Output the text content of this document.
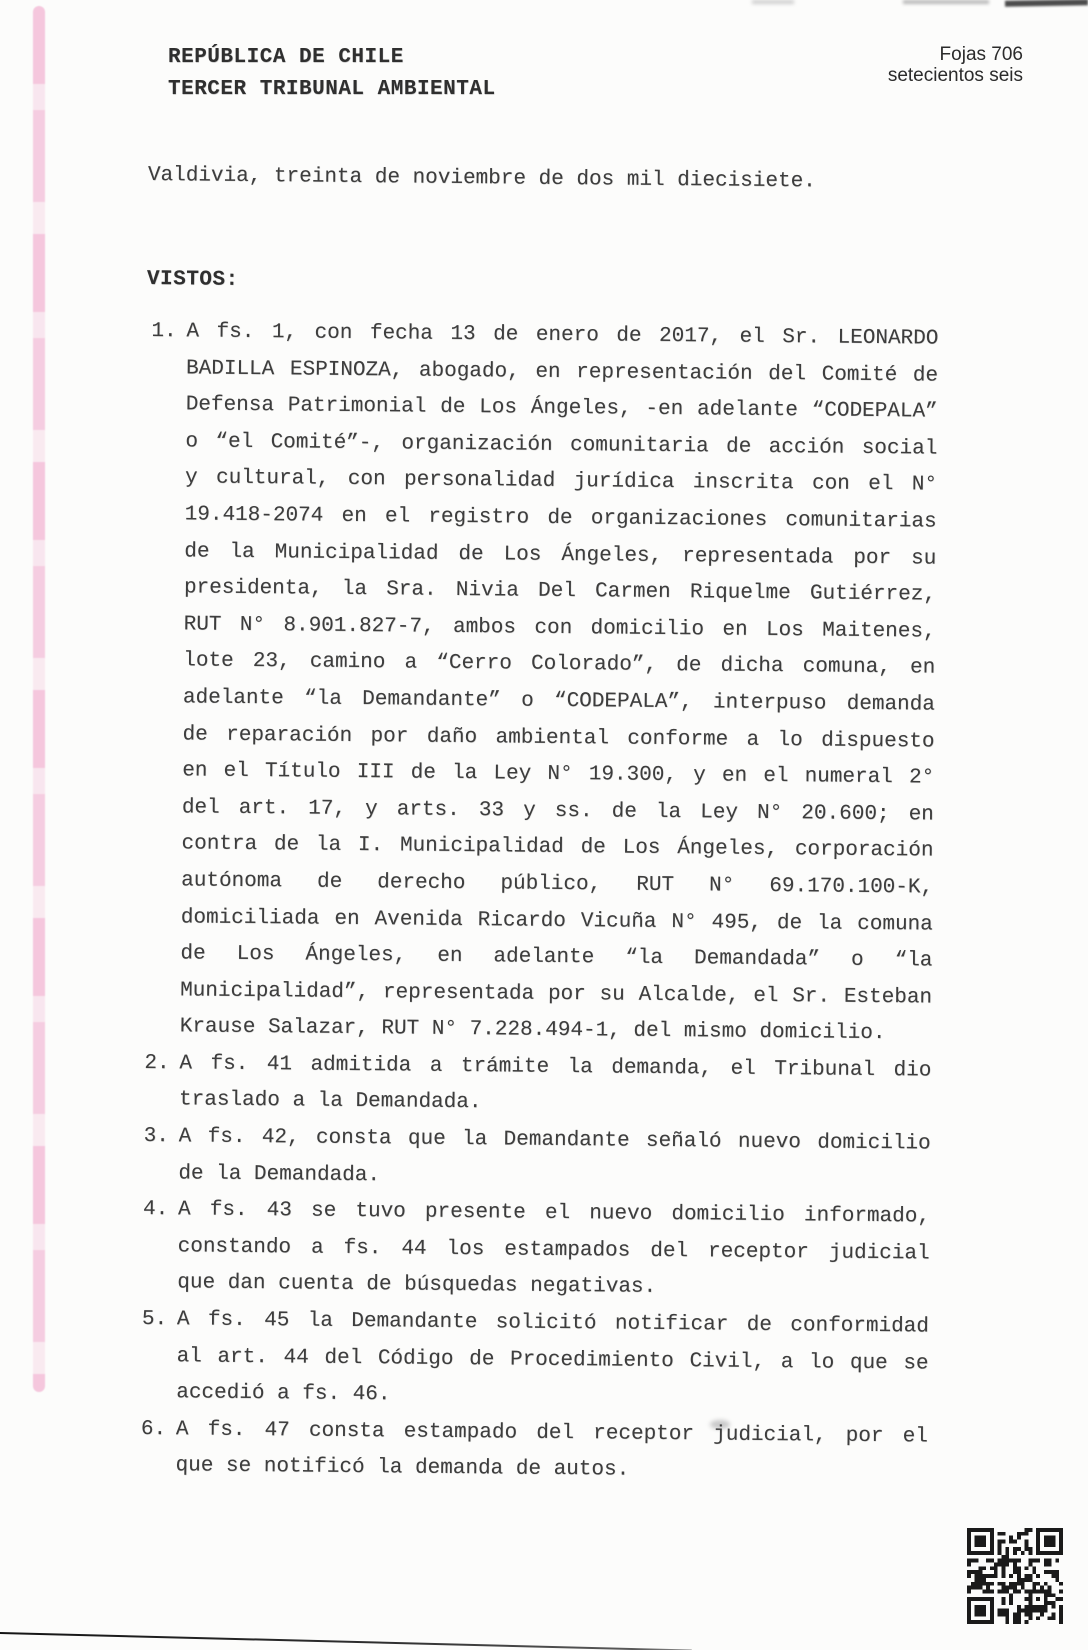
REPÚBLICA DE CHILE
TERCER TRIBUNAL AMBIENTAL
Fojas 706
setecientos seis
Valdivia, treinta de noviembre de dos mil diecisiete.
VISTOS:
1. A fs. 1, con fecha 13 de enero de 2017, el Sr. LEONARDO
BADILLA ESPINOZA, abogado, en representación del Comité de
Defensa Patrimonial de Los Ángeles, -en adelante “CODEPALA”
o “el Comité”-, organización comunitaria de acción social
y cultural, con personalidad jurídica inscrita con el N°
19.418-2074 en el registro de organizaciones comunitarias
de la Municipalidad de Los Ángeles, representada por su
presidenta, la Sra. Nivia Del Carmen Riquelme Gutiérrez,
RUT N° 8.901.827-7, ambos con domicilio en Los Maitenes,
lote 23, camino a “Cerro Colorado”, de dicha comuna, en
adelante “la Demandante” o “CODEPALA”, interpuso demanda
de reparación por daño ambiental conforme a lo dispuesto
en el Título III de la Ley N° 19.300, y en el numeral 2°
del art. 17, y arts. 33 y ss. de la Ley N° 20.600; en
contra de la I. Municipalidad de Los Ángeles, corporación
autónoma de derecho público, RUT N° 69.170.100-K,
domiciliada en Avenida Ricardo Vicuña N° 495, de la comuna
de Los Ángeles, en adelante “la Demandada” o “la
Municipalidad”, representada por su Alcalde, el Sr. Esteban
Krause Salazar, RUT N° 7.228.494-1, del mismo domicilio.
2. A fs. 41 admitida a trámite la demanda, el Tribunal dio
traslado a la Demandada.
3. A fs. 42, consta que la Demandante señaló nuevo domicilio
de la Demandada.
4. A fs. 43 se tuvo presente el nuevo domicilio informado,
constando a fs. 44 los estampados del receptor judicial
que dan cuenta de búsquedas negativas.
5. A fs. 45 la Demandante solicitó notificar de conformidad
al art. 44 del Código de Procedimiento Civil, a lo que se
accedió a fs. 46.
6. A fs. 47 consta estampado del receptor judicial, por el
que se notificó la demanda de autos.
